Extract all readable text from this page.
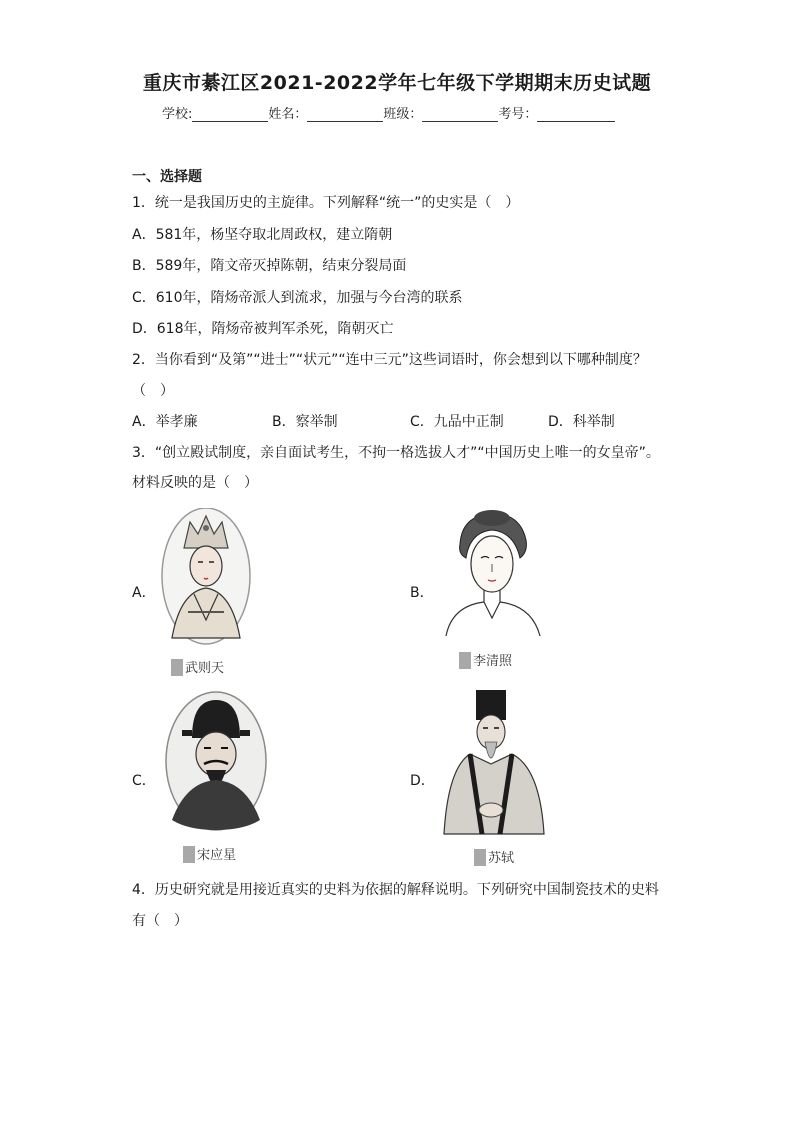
重庆市綦江区2021-2022学年七年级下学期期末历史试题
学校:	姓名：	班级：	考号：
一、选择题
1．统一是我国历史的主旋律。下列解释“统一”的史实是（　）
A．581年，杨坚夺取北周政权，建立隋朝
B．589年，隋文帝灭掉陈朝，结束分裂局面
C．610年，隋炀帝派人到流求，加强与今台湾的联系
D．618年，隋炀帝被判军杀死，隋朝灭亡
2．当你看到“及第”“进士”“状元”“连中三元”这些词语时，你会想到以下哪种制度？
（　）
A．举孝廉	B．察举制	C．九品中正制	D．科举制
3．“创立殿试制度，亲自面试考生，不拘一格选拔人才”“中国历史上唯一的女皇帝”。
材料反映的是（　）
A．
武则天
B．
李清照
C．
宋应星
D．
苏轼
4．历史研究就是用接近真实的史料为依据的解释说明。下列研究中国制瓷技术的史料
有（　）
